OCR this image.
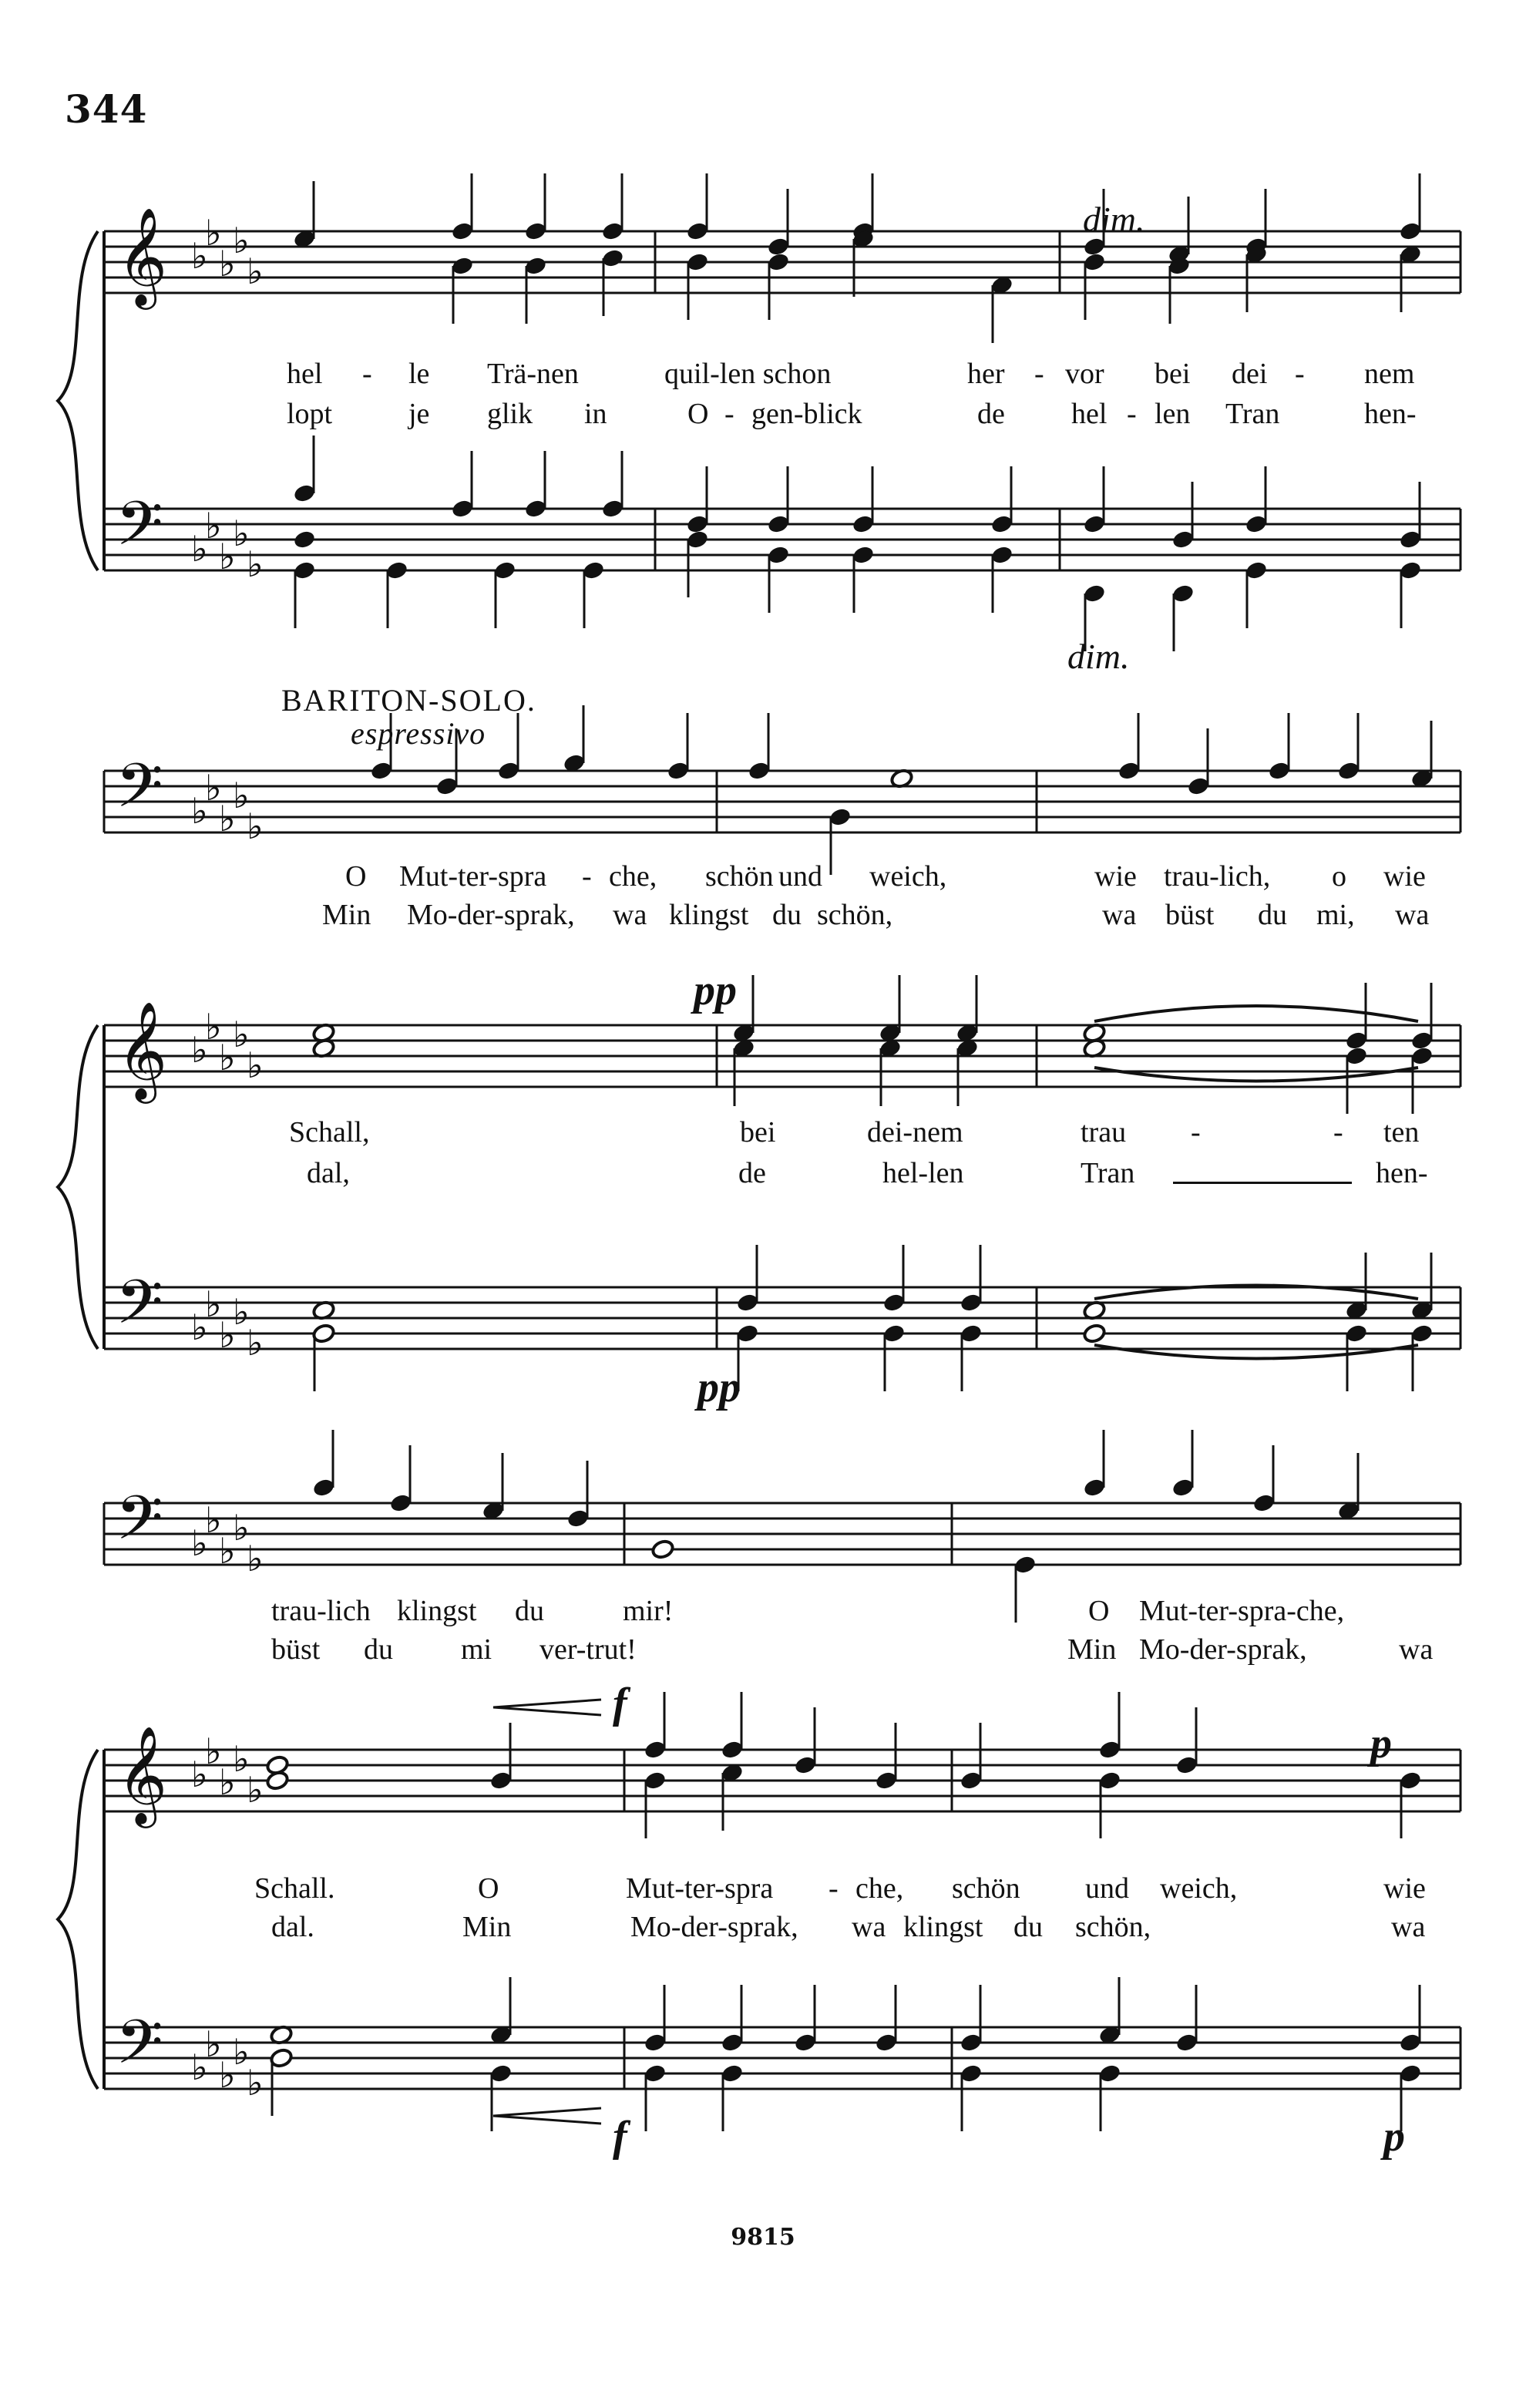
344
9815
𝄞 ♭
♭
♭
♭
♭
𝄢 ♭
♭
♭
♭
♭
𝄢 ♭
♭
♭
♭
♭
𝄞 ♭
♭
♭
♭
♭
𝄢 ♭
♭
♭
♭
♭
𝄢 ♭
♭
♭
♭
♭
𝄞 ♭
♭
♭
♭
♭
𝄢 ♭
♭
♭
♭
♭
dim.
dim.
BARITON-SOLO.
espressivo
pp
pp
f
f
p
p
hel - le Trä-nen	quil-len schon	her - vor bei dei - nem
lopt	je glik in	O - gen-blick	de hel - len Tran	hen-
O Mut-ter-spra - che, schön und weich,	wie trau-lich, o wie
Min Mo-der-sprak, wa klingst du schön,	wa büst du mi, wa
Schall,	bei	dei-nem	trau -	- ten
dal,	de	hel-len	Tran	hen-
trau-lich klingst du	mir!	O Mut-ter-spra-che,
büst du mi ver-trut!	Min Mo-der-sprak,	wa
Schall.	O	Mut-ter-spra - che, schön und weich,	wie
dal.	Min	Mo-der-sprak, wa klingst du schön,	wa
